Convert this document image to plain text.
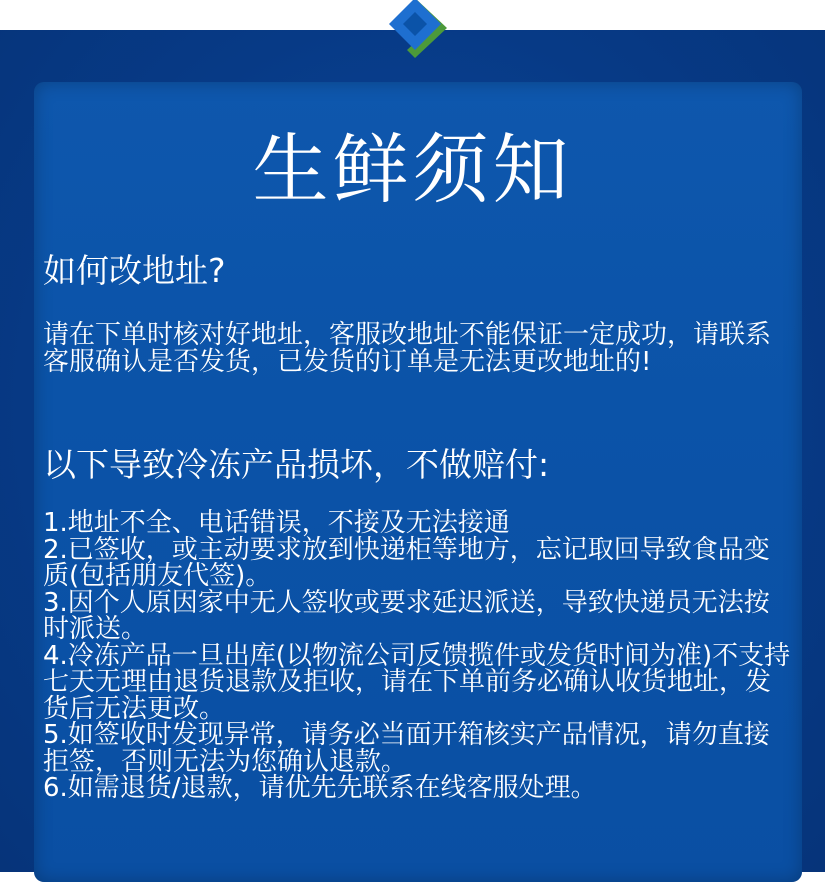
生鲜须知
如何改地址?
请在下单时核对好地址，客服改地址不能保证一定成功，请联系客服确认是否发货，已发货的订单是无法更改地址的!
以下导致冷冻产品损坏，不做赔付:
1.地址不全、电话错误，不接及无法接通
2.已签收，或主动要求放到快递柜等地方，忘记取回导致食品变质(包括朋友代签)。
3.因个人原因家中无人签收或要求延迟派送，导致快递员无法按时派送。
4.冷冻产品一旦出库(以物流公司反馈揽件或发货时间为准)不支持七天无理由退货退款及拒收，请在下单前务必确认收货地址，发货后无法更改。
5.如签收时发现异常，请务必当面开箱核实产品情况，请勿直接拒签，否则无法为您确认退款。
6.如需退货/退款，请优先先联系在线客服处理。
